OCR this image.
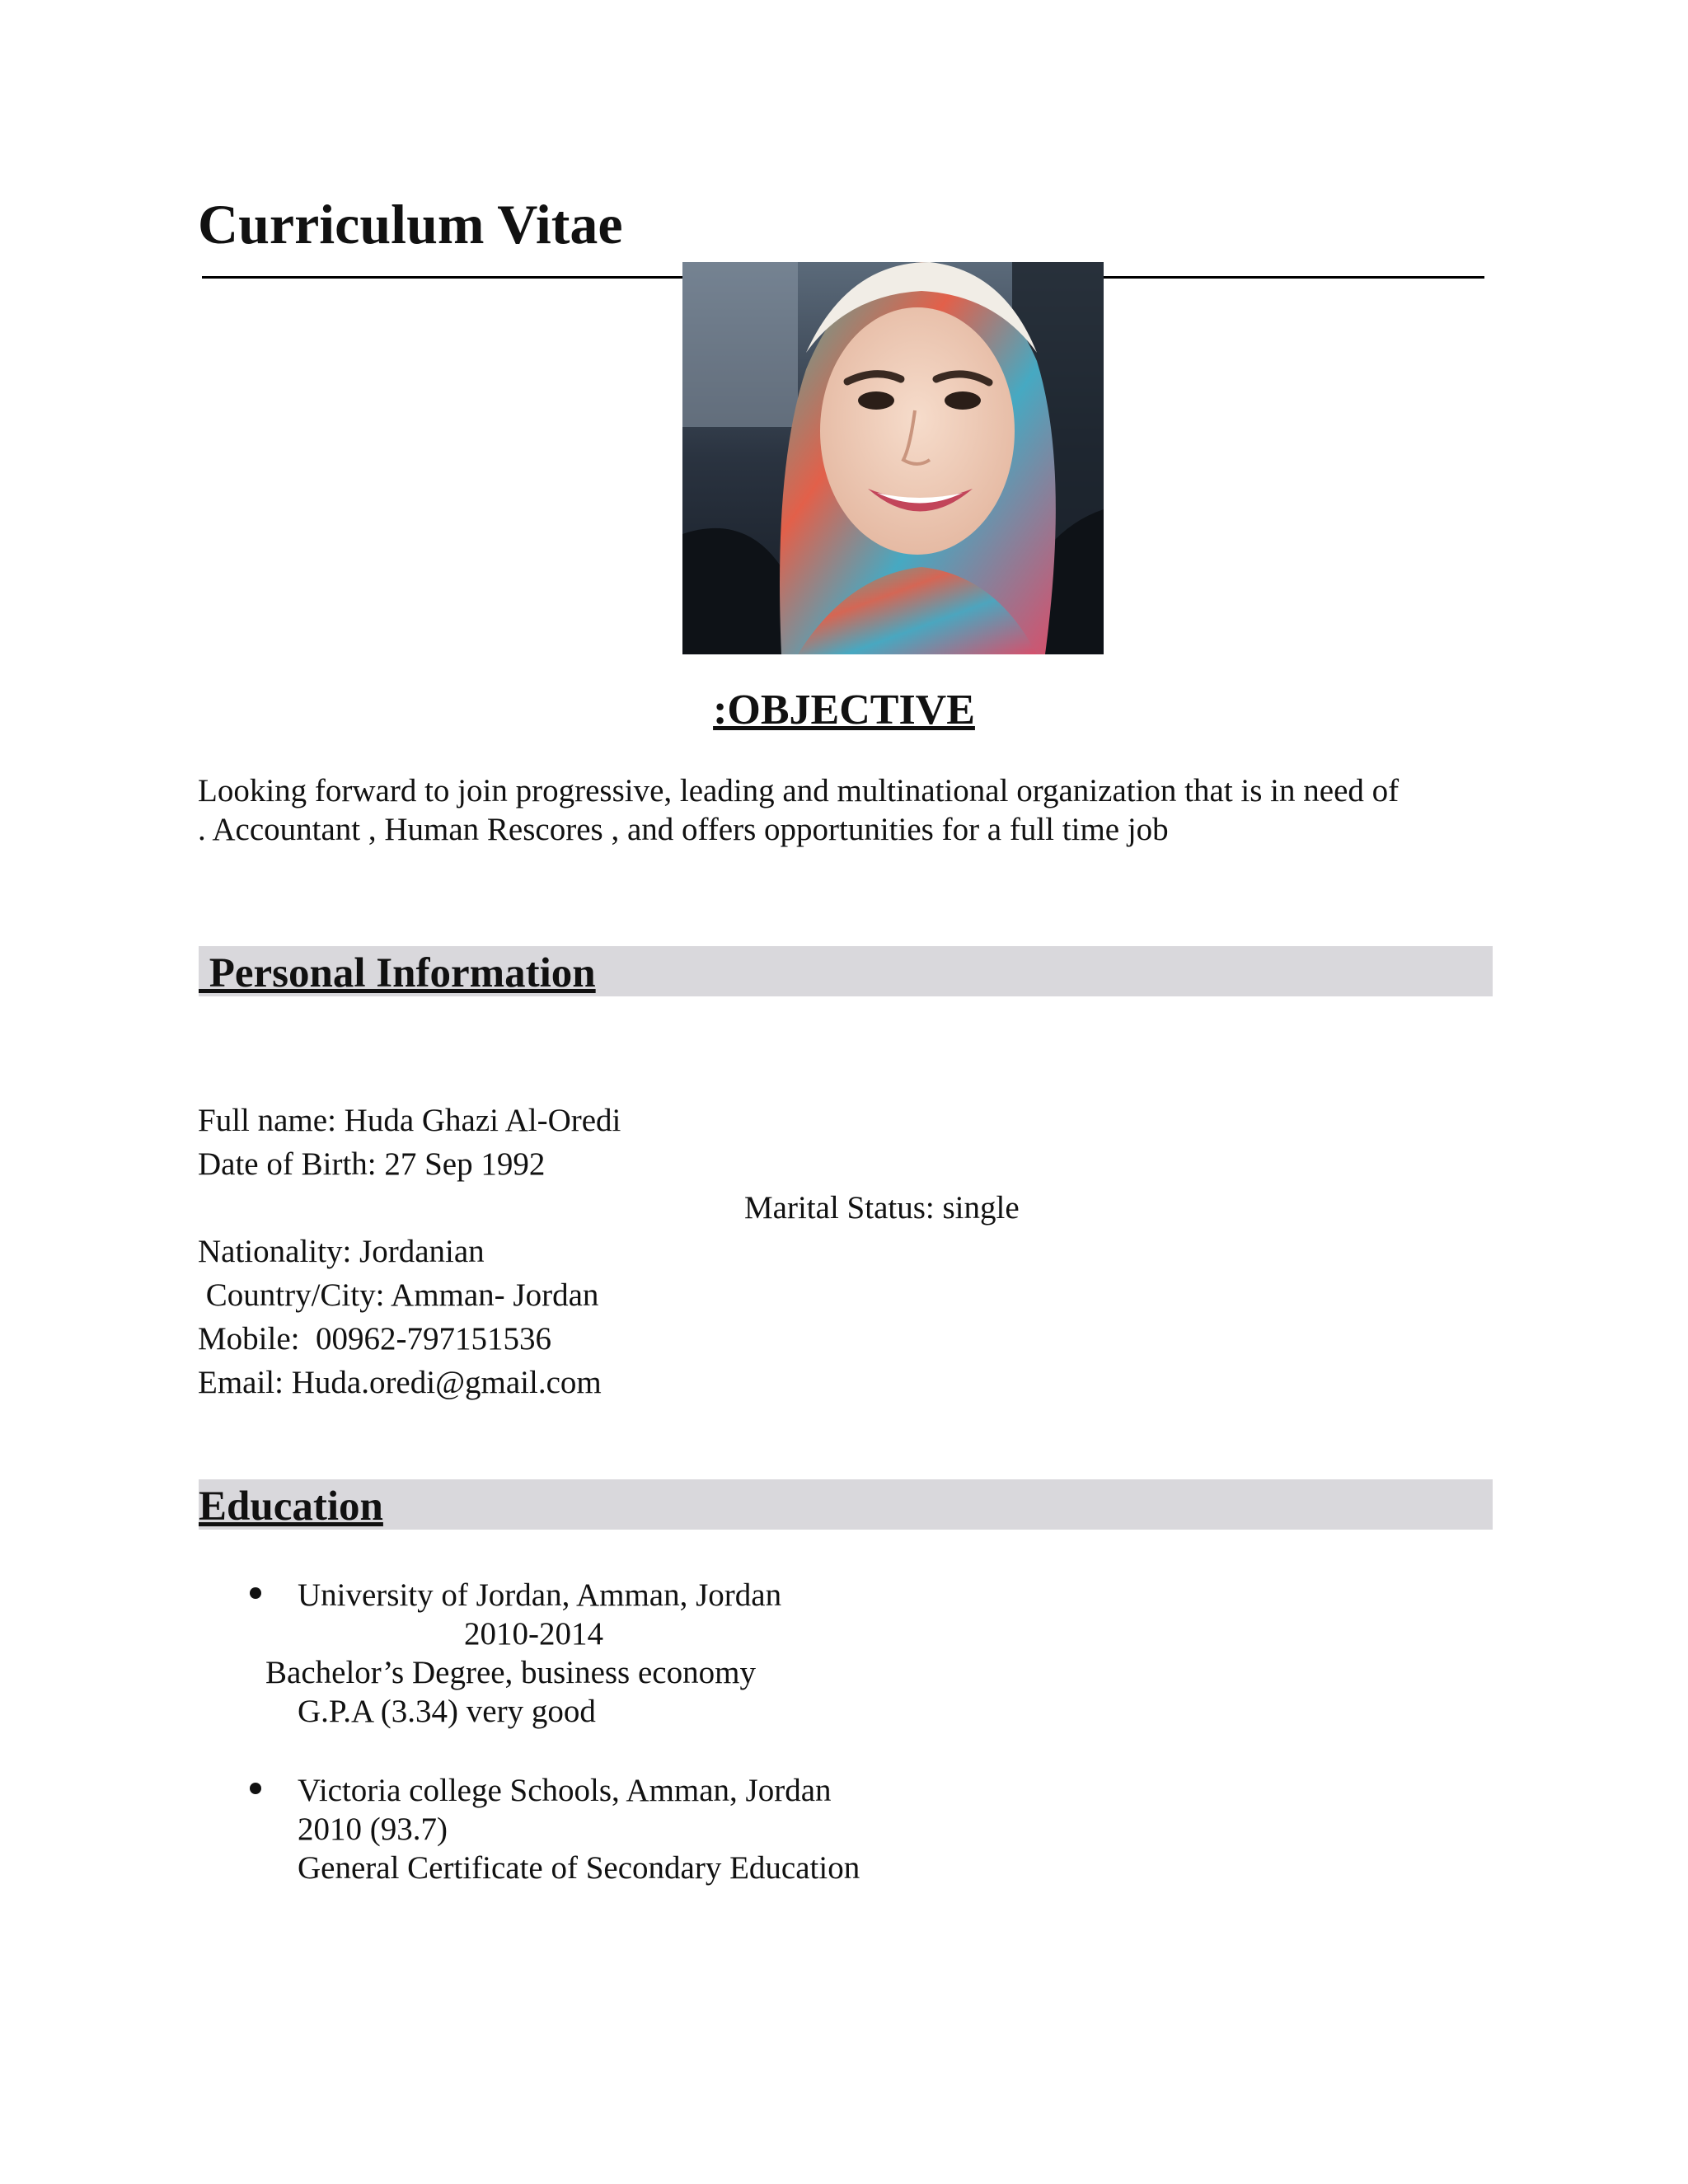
Curriculum Vitae
:OBJECTIVE
Looking forward to join progressive, leading and multinational organization that is in need of
. Accountant , Human Rescores , and offers opportunities for a full time job
Personal Information
Full name: Huda Ghazi Al-Oredi
Date of Birth: 27 Sep 1992
Marital Status: single
Nationality: Jordanian
Country/City: Amman- Jordan
Mobile:  00962-797151536
Email: Huda.oredi@gmail.com
Education
University of Jordan, Amman, Jordan
2010-2014
Bachelor’s Degree, business economy
G.P.A (3.34) very good
Victoria college Schools, Amman, Jordan
2010 (93.7)
General Certificate of Secondary Education
